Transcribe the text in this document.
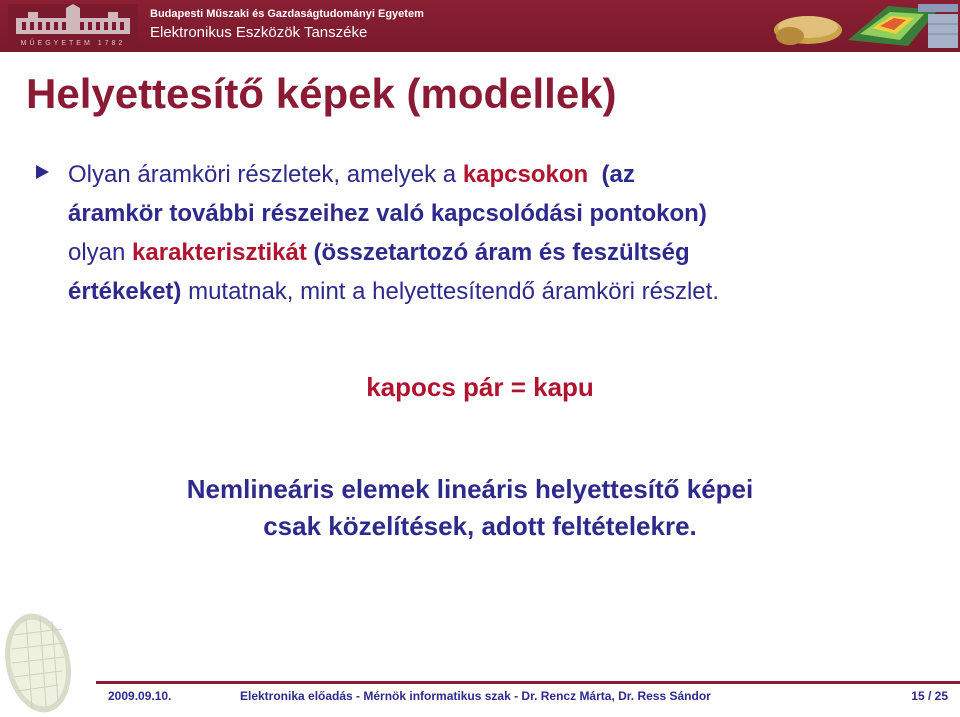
MŰEGYETEM 1782
Budapesti Műszaki és Gazdaságtudományi Egyetem
Elektronikus Eszközök Tanszéke
Helyettesítő képek (modellek)
Olyan áramköri részletek, amelyek a kapcsokon (az
áramkör további részeihez való kapcsolódási pontokon)
olyan karakterisztikát (összetartozó áram és feszültség
értékeket) mutatnak, mint a helyettesítendő áramköri részlet.
kapocs pár = kapu
Nemlineáris elemek lineáris helyettesítő képei
csak közelítések, adott feltételekre.
2009.09.10.	Elektronika előadás - Mérnök informatikus szak - Dr. Rencz Márta, Dr. Ress Sándor	15 / 25
